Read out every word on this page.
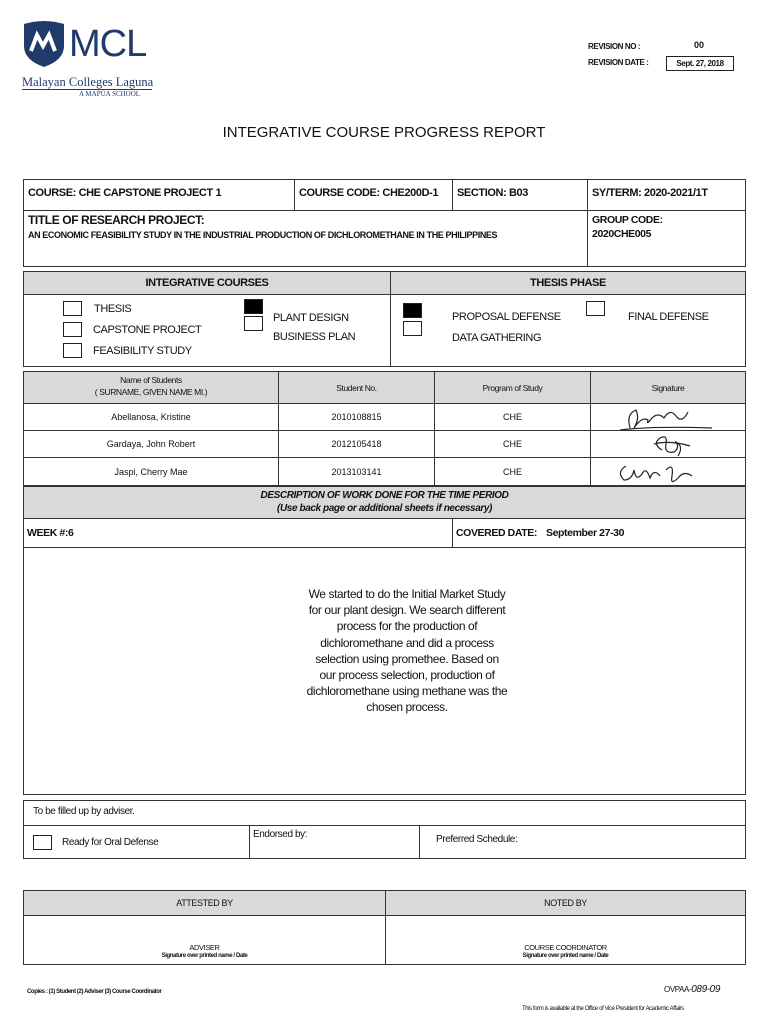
MCL
Malayan Colleges Laguna
A MAPÚA SCHOOL
REVISION NO :	00
REVISION DATE :	Sept. 27, 2018
INTEGRATIVE COURSE PROGRESS REPORT
COURSE: CHE CAPSTONE PROJECT 1	COURSE CODE: CHE200D-1 SECTION: B03	SY/TERM: 2020-2021/1T
TITLE OF RESEARCH PROJECT:
AN ECONOMIC FEASIBILITY STUDY IN THE INDUSTRIAL PRODUCTION OF DICHLOROMETHANE IN THE PHILIPPINES
GROUP CODE:
2020CHE005
INTEGRATIVE COURSES	THESIS PHASE
THESIS
CAPSTONE PROJECT
FEASIBILITY STUDY
PLANT DESIGN
BUSINESS PLAN
PROPOSAL DEFENSE
DATA GATHERING
FINAL DEFENSE
Name of Students
( SURNAME, GIVEN NAME MI.)	Student No.	Program of Study	Signature
Abellanosa, Kristine	2010108815	CHE
Gardaya, John Robert	2012105418	CHE
Jaspi, Cherry Mae	2013103141	CHE
DESCRIPTION OF WORK DONE FOR THE TIME PERIOD
(Use back page or additional sheets if necessary)
WEEK #:6	COVERED DATE: September 27-30
We started to do the Initial Market Study for our plant design. We search different process for the production of dichloromethane and did a process selection using promethee. Based on our process selection, production of dichloromethane using methane was the chosen process.
To be filled up by adviser.
Ready for Oral Defense
Endorsed by:	Preferred Schedule:
ATTESTED BY	NOTED BY
ADVISER
Signature over printed name / Date
COURSE COORDINATOR
Signature over printed name / Date
OVPAA-089-09
Copies : (1) Student (2) Adviser (3) Course Coordinator
This form is available at the Office of Vice President for Academic Affairs
